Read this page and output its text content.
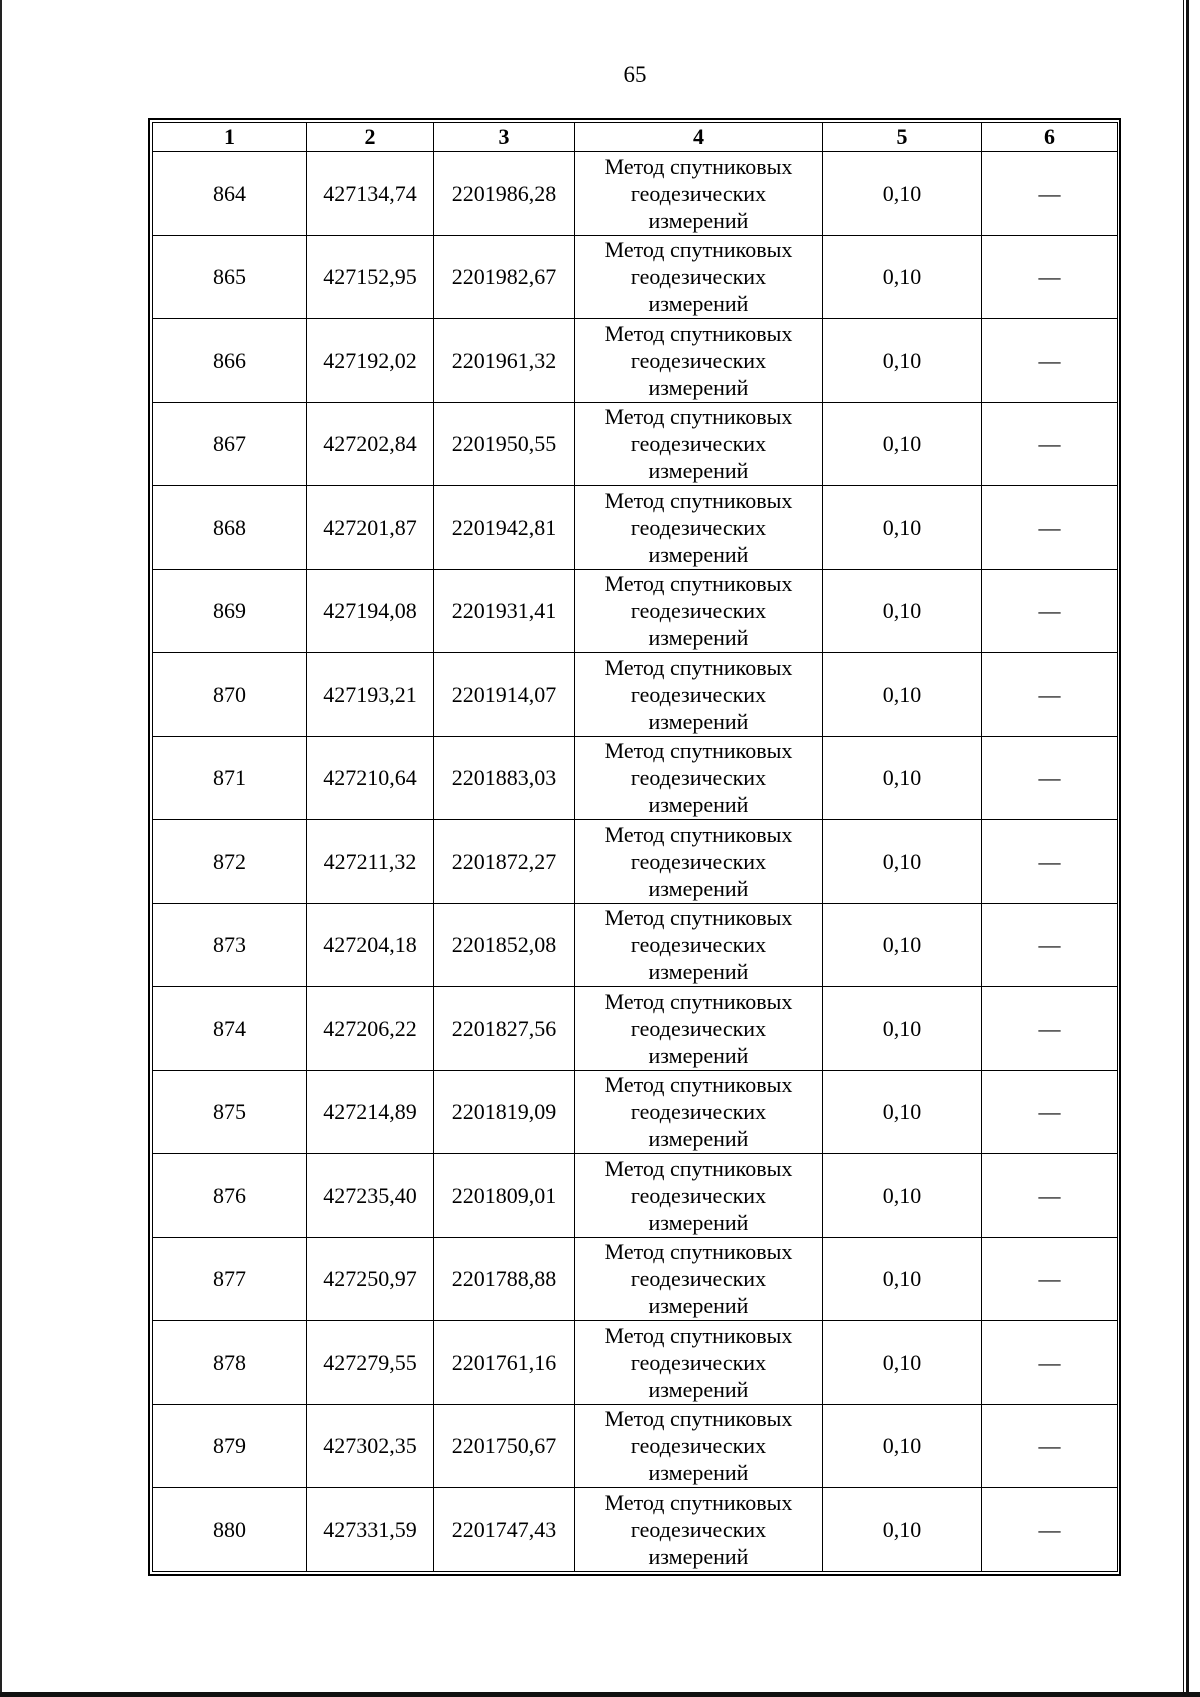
65
1	2	3	4	5	6
864	427134,74	2201986,28	Метод спутниковых
геодезических
измерений	0,10	—
865	427152,95	2201982,67	Метод спутниковых
геодезических
измерений	0,10	—
866	427192,02	2201961,32	Метод спутниковых
геодезических
измерений	0,10	—
867	427202,84	2201950,55	Метод спутниковых
геодезических
измерений	0,10	—
868	427201,87	2201942,81	Метод спутниковых
геодезических
измерений	0,10	—
869	427194,08	2201931,41	Метод спутниковых
геодезических
измерений	0,10	—
870	427193,21	2201914,07	Метод спутниковых
геодезических
измерений	0,10	—
871	427210,64	2201883,03	Метод спутниковых
геодезических
измерений	0,10	—
872	427211,32	2201872,27	Метод спутниковых
геодезических
измерений	0,10	—
873	427204,18	2201852,08	Метод спутниковых
геодезических
измерений	0,10	—
874	427206,22	2201827,56	Метод спутниковых
геодезических
измерений	0,10	—
875	427214,89	2201819,09	Метод спутниковых
геодезических
измерений	0,10	—
876	427235,40	2201809,01	Метод спутниковых
геодезических
измерений	0,10	—
877	427250,97	2201788,88	Метод спутниковых
геодезических
измерений	0,10	—
878	427279,55	2201761,16	Метод спутниковых
геодезических
измерений	0,10	—
879	427302,35	2201750,67	Метод спутниковых
геодезических
измерений	0,10	—
880	427331,59	2201747,43	Метод спутниковых
геодезических
измерений	0,10	—
